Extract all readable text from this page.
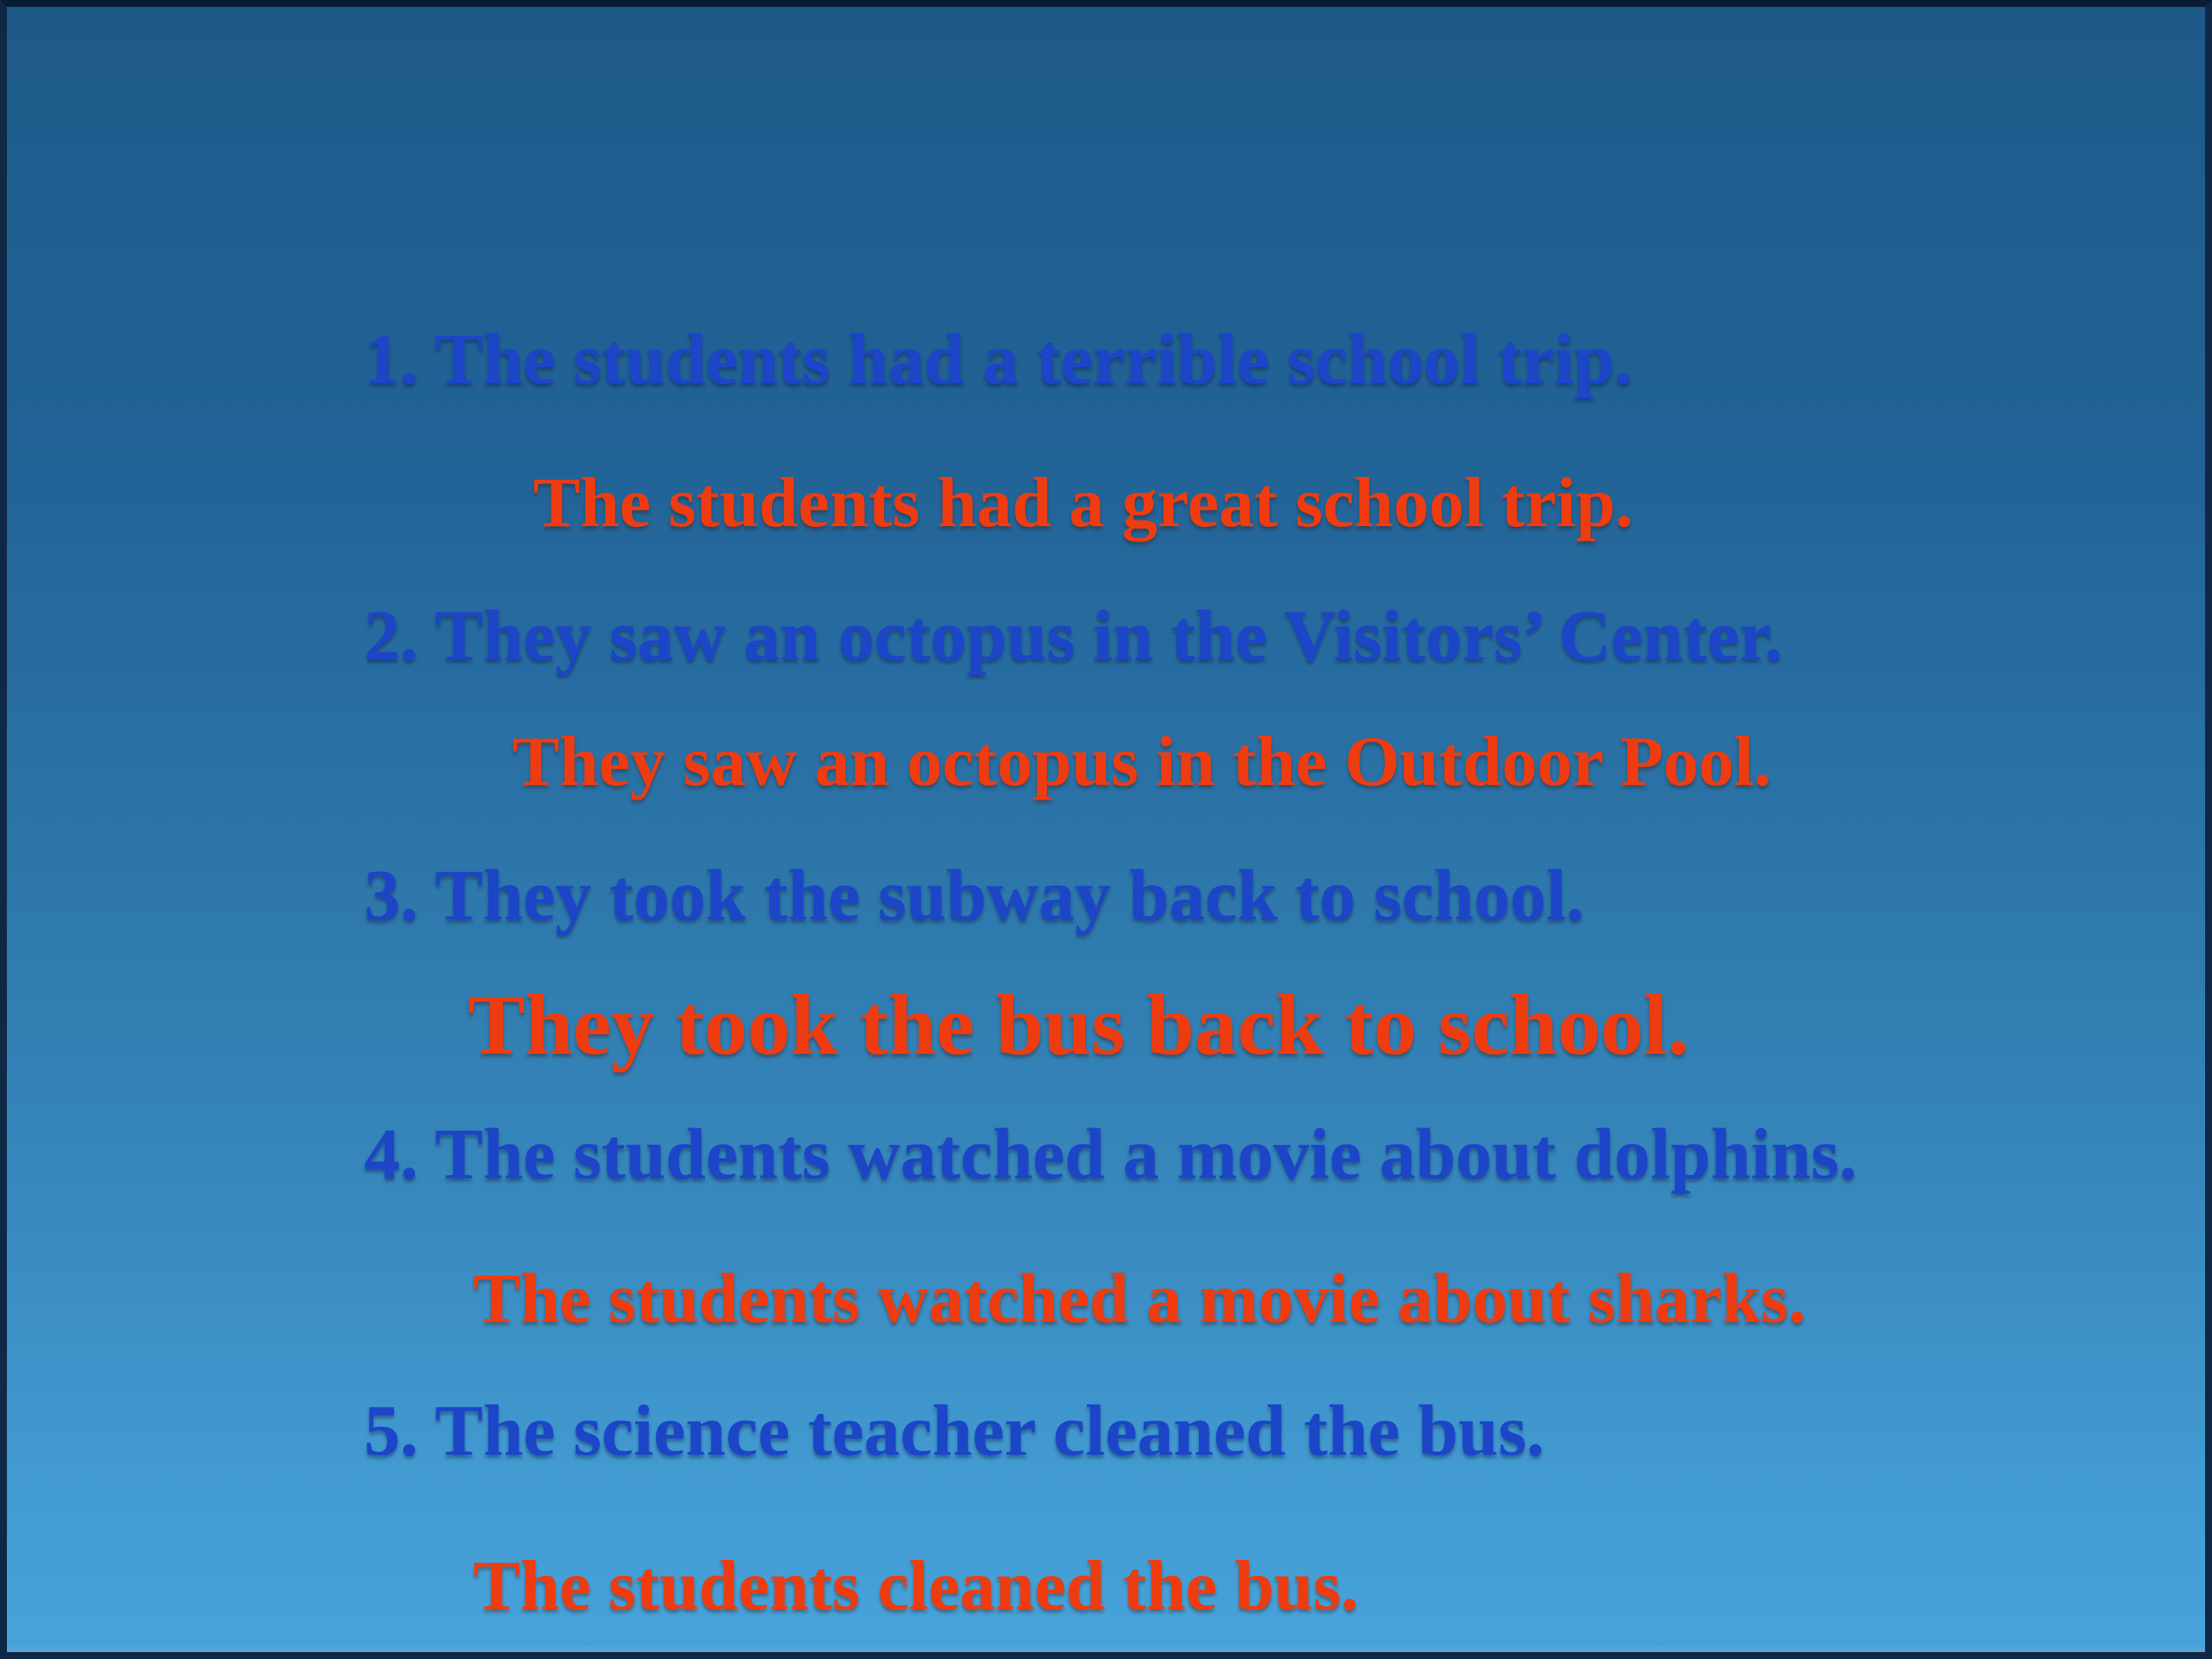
1. The students had a terrible school trip.
The students had a great school trip.
2. They saw an octopus in the Visitors’ Center.
They saw an octopus in the Outdoor Pool.
3. They took the subway back to school.
They took the bus back to school.
4. The students watched a movie about dolphins.
The students watched a movie about sharks.
5. The science teacher cleaned the bus.
The students cleaned the bus.
